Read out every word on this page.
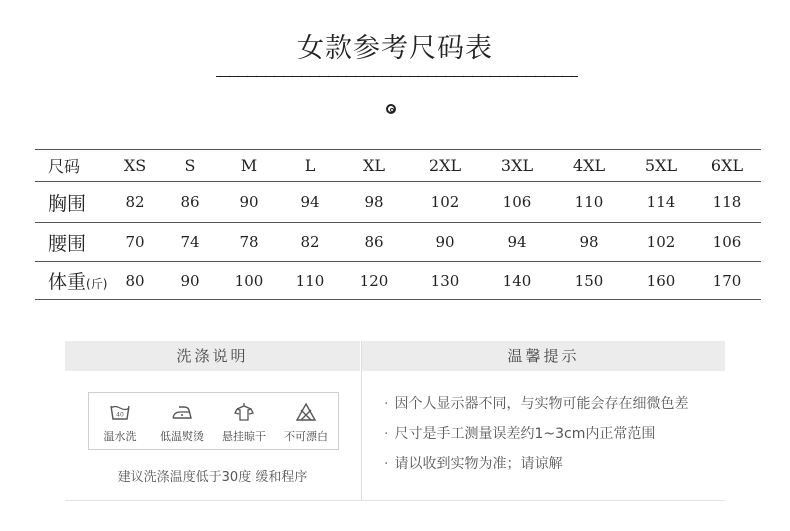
女款参考尺码表
尺码	XS	S	M	L	XL	2XL	3XL	4XL	5XL	6XL
胸围	82	86	90	94	98	102	106	110	114	118
腰围	70	74	78	82	86	90	94	98	102	106
体重(斤)	80	90	100	110	120	130	140	150	160	170
洗涤说明	温馨提示
40
温水洗	低温熨烫	悬挂晾干	不可漂白
建议洗涤温度低于30度 缓和程序
· 因个人显示器不同，与实物可能会存在细微色差
· 尺寸是手工测量误差约1~3cm内正常范围
· 请以收到实物为准；请谅解
